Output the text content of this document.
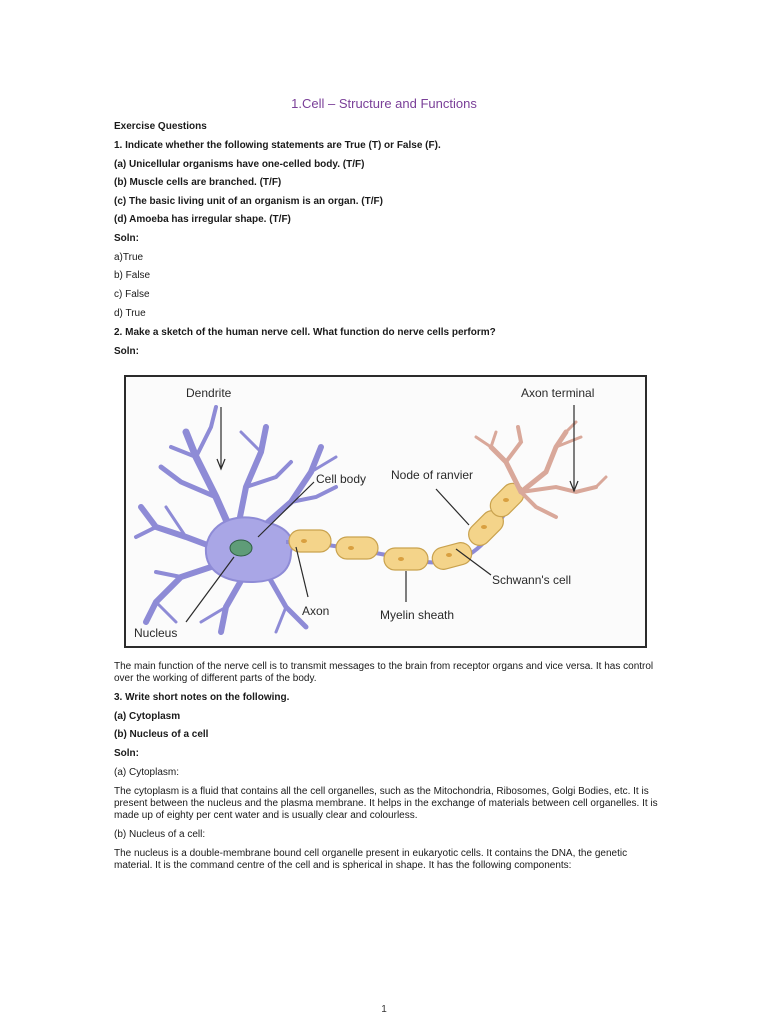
1.Cell – Structure and Functions
Exercise Questions
1. Indicate whether the following statements are True (T) or False (F).
(a) Unicellular organisms have one-celled body. (T/F)
(b) Muscle cells are branched. (T/F)
(c) The basic living unit of an organism is an organ. (T/F)
(d) Amoeba has irregular shape. (T/F)
Soln:
a)True
b) False
c) False
d) True
2. Make a sketch of the human nerve cell. What function do nerve cells perform?
Soln:
Dendrite	Axon terminal
Cell body Node of ranvier
Schwann's cell
Axon	Myelin sheath
Nucleus
The main function of the nerve cell is to transmit messages to the brain from receptor organs and vice versa. It has control over the working of different parts of the body.
3. Write short notes on the following.
(a) Cytoplasm
(b) Nucleus of a cell
Soln:
(a) Cytoplasm:
The cytoplasm is a fluid that contains all the cell organelles, such as the Mitochondria, Ribosomes, Golgi Bodies, etc. It is present between the nucleus and the plasma membrane. It helps in the exchange of materials between cell organelles. It is made up of eighty per cent water and is usually clear and colourless.
(b) Nucleus of a cell:
The nucleus is a double-membrane bound cell organelle present in eukaryotic cells. It contains the DNA, the genetic material. It is the command centre of the cell and is spherical in shape. It has the following components:
1
